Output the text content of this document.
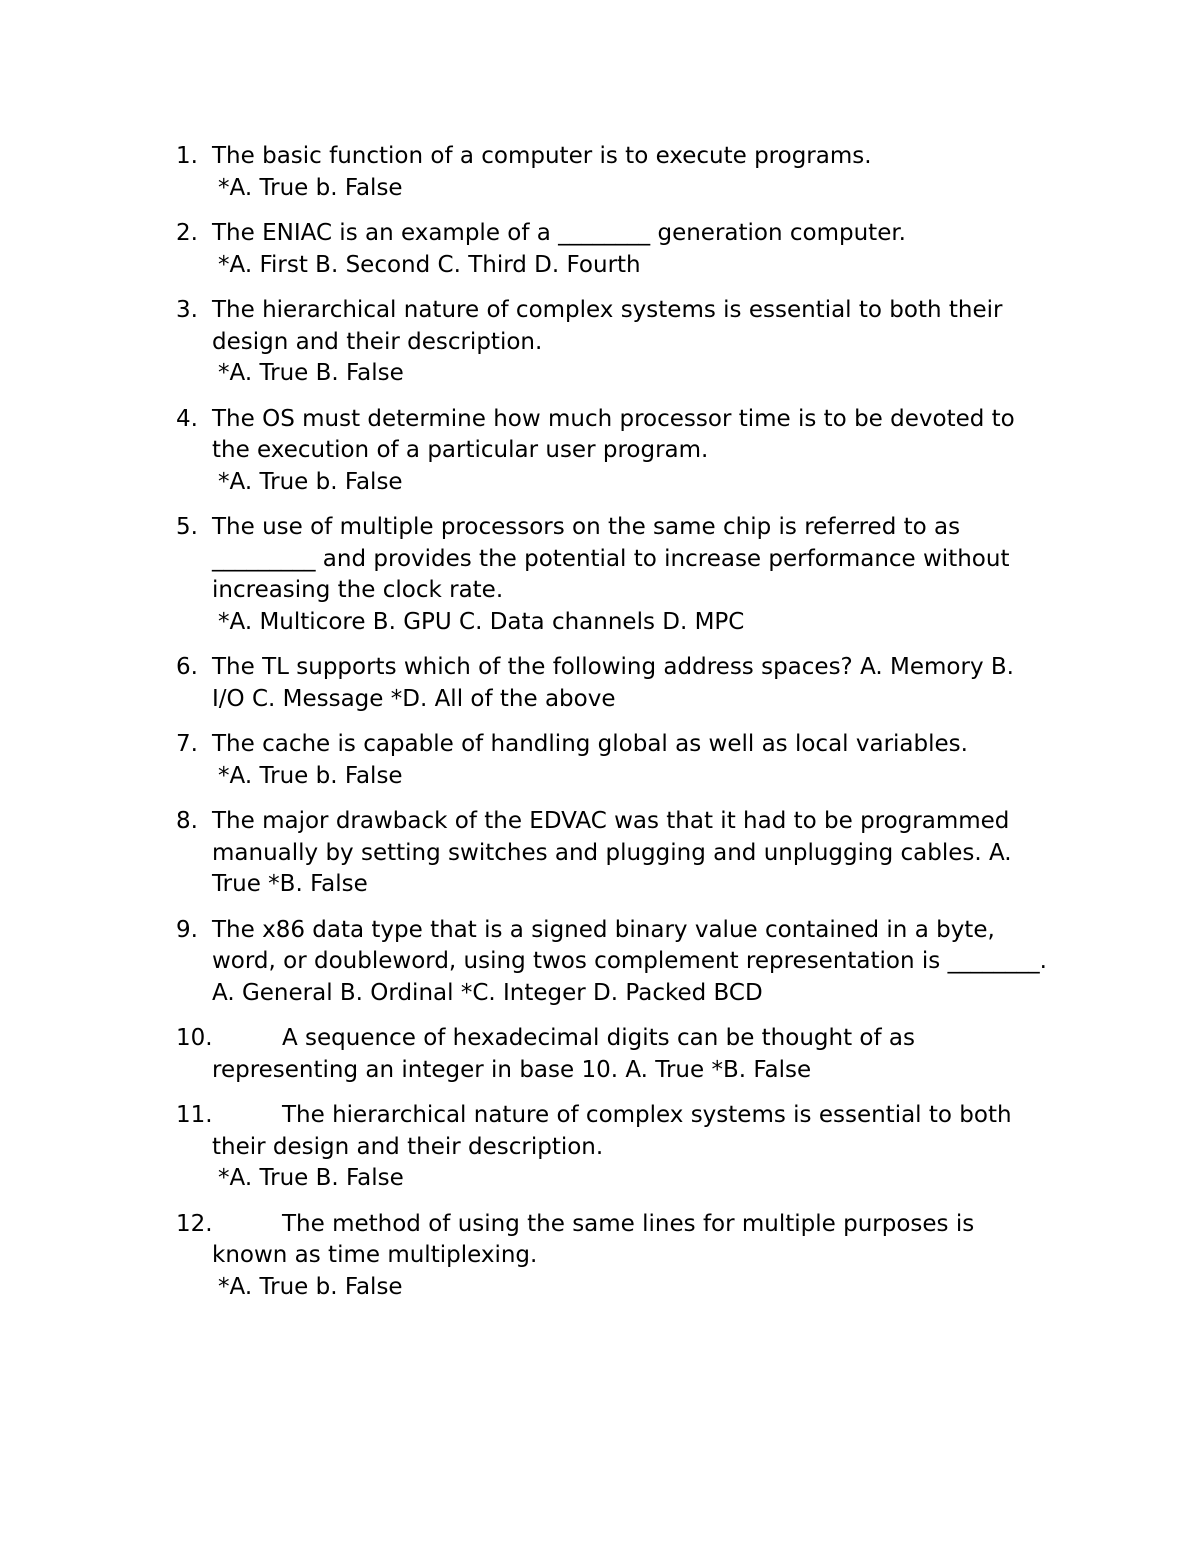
1. The basic function of a computer is to execute programs.
*A. True b. False
2. The ENIAC is an example of a ________ generation computer.
*A. First B. Second C. Third D. Fourth
3. The hierarchical nature of complex systems is essential to both their design and their description.
*A. True B. False
4. The OS must determine how much processor time is to be devoted to the execution of a particular user program.
*A. True b. False
5. The use of multiple processors on the same chip is referred to as _________ and provides the potential to increase performance without increasing the clock rate.
*A. Multicore B. GPU C. Data channels D. MPC
6. The TL supports which of the following address spaces? A. Memory B. I/O C. Message *D. All of the above
7. The cache is capable of handling global as well as local variables.
*A. True b. False
8. The major drawback of the EDVAC was that it had to be programmed manually by setting switches and plugging and unplugging cables. A. True *B. False
9. The x86 data type that is a signed binary value contained in a byte, word, or doubleword, using twos complement representation is ________. A. General B. Ordinal *C. Integer D. Packed BCD
10.	A sequence of hexadecimal digits can be thought of as representing an integer in base 10. A. True *B. False
11.	The hierarchical nature of complex systems is essential to both their design and their description.
*A. True B. False
12.	The method of using the same lines for multiple purposes is known as time multiplexing.
*A. True b. False
